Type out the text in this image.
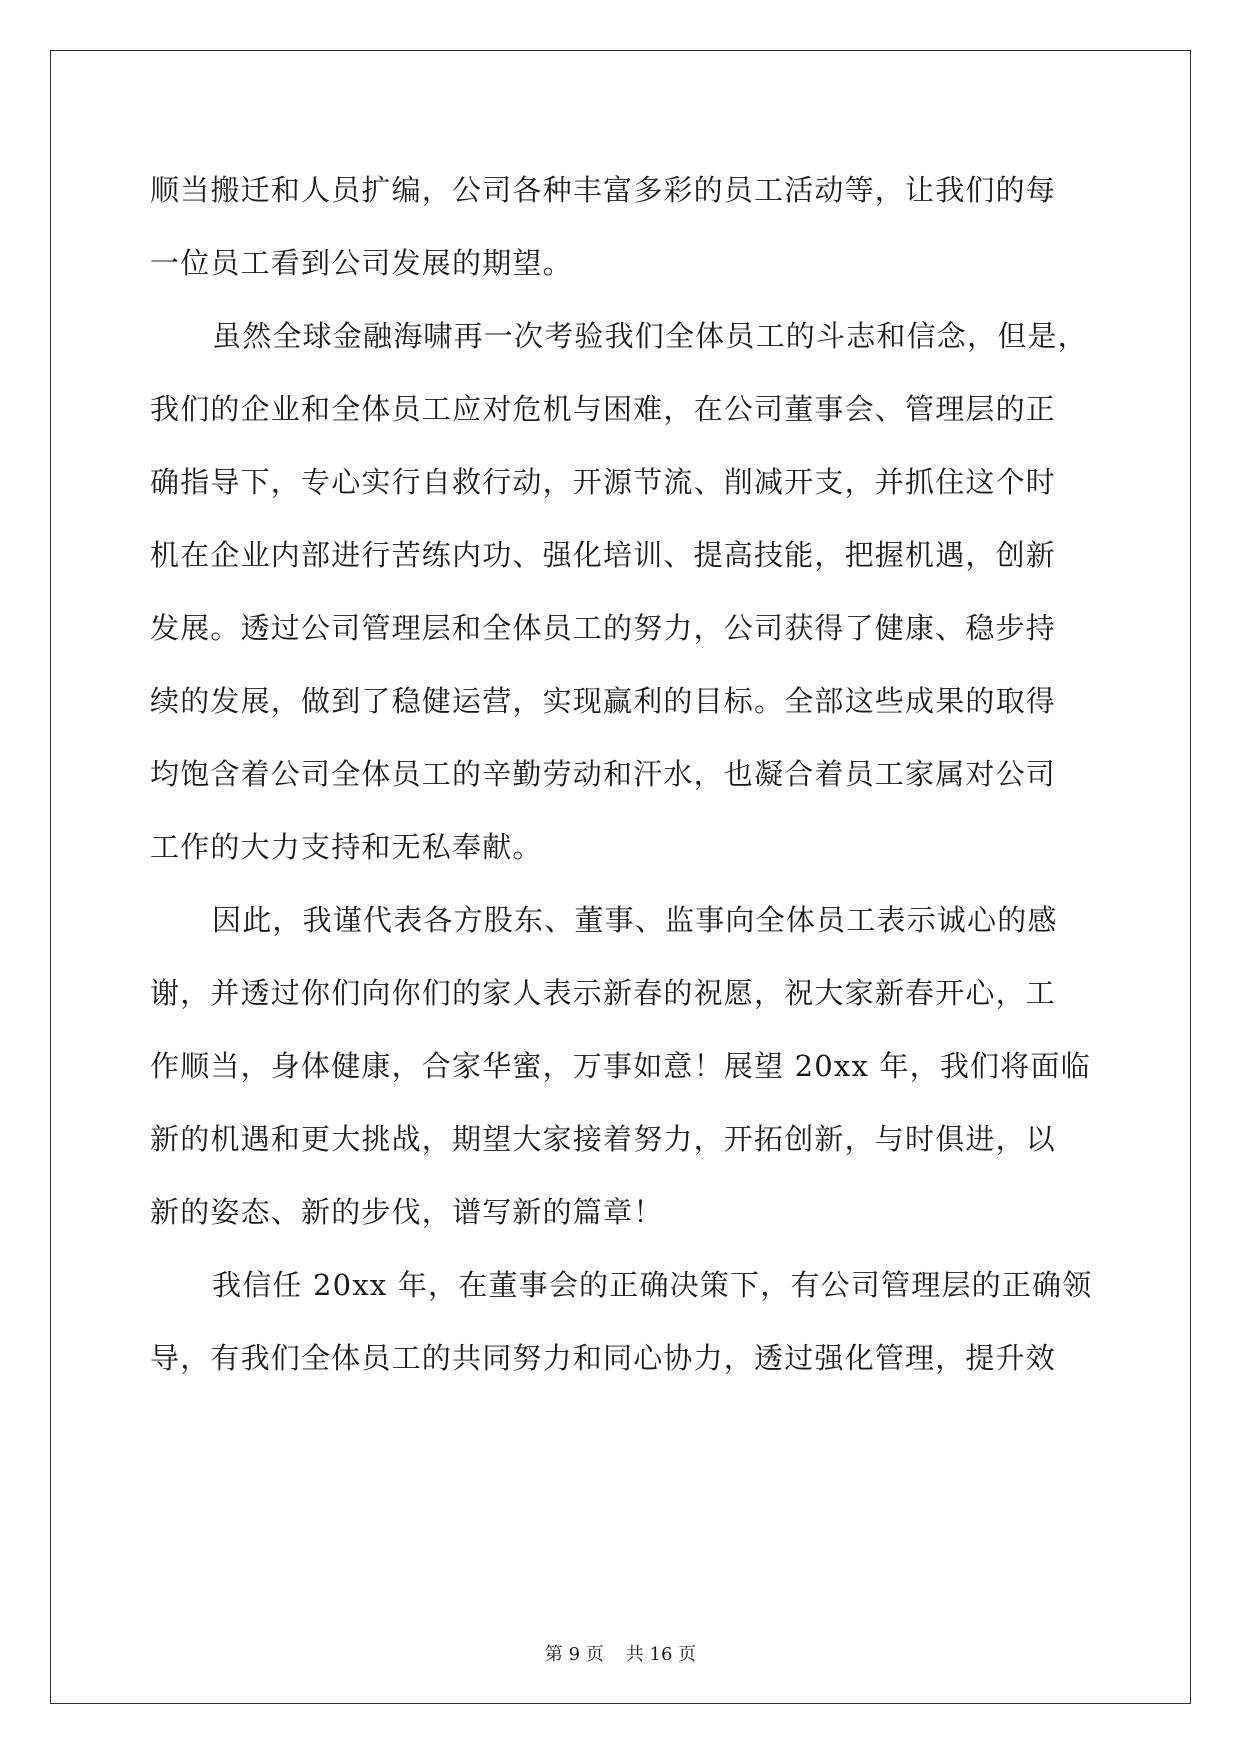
顺当搬迁和人员扩编，公司各种丰富多彩的员工活动等，让我们的每
一位员工看到公司发展的期望。
虽然全球金融海啸再一次考验我们全体员工的斗志和信念，但是，
我们的企业和全体员工应对危机与困难，在公司董事会、管理层的正
确指导下，专心实行自救行动，开源节流、削减开支，并抓住这个时
机在企业内部进行苦练内功、强化培训、提高技能，把握机遇，创新
发展。透过公司管理层和全体员工的努力，公司获得了健康、稳步持
续的发展，做到了稳健运营，实现赢利的目标。全部这些成果的取得
均饱含着公司全体员工的辛勤劳动和汗水，也凝合着员工家属对公司
工作的大力支持和无私奉献。
因此，我谨代表各方股东、董事、监事向全体员工表示诚心的感
谢，并透过你们向你们的家人表示新春的祝愿，祝大家新春开心，工
作顺当，身体健康，合家华蜜，万事如意！展望 20xx 年，我们将面临
新的机遇和更大挑战，期望大家接着努力，开拓创新，与时俱进，以
新的姿态、新的步伐，谱写新的篇章！
我信任 20xx 年，在董事会的正确决策下，有公司管理层的正确领
导，有我们全体员工的共同努力和同心协力，透过强化管理，提升效
第 9 页 共 16 页
